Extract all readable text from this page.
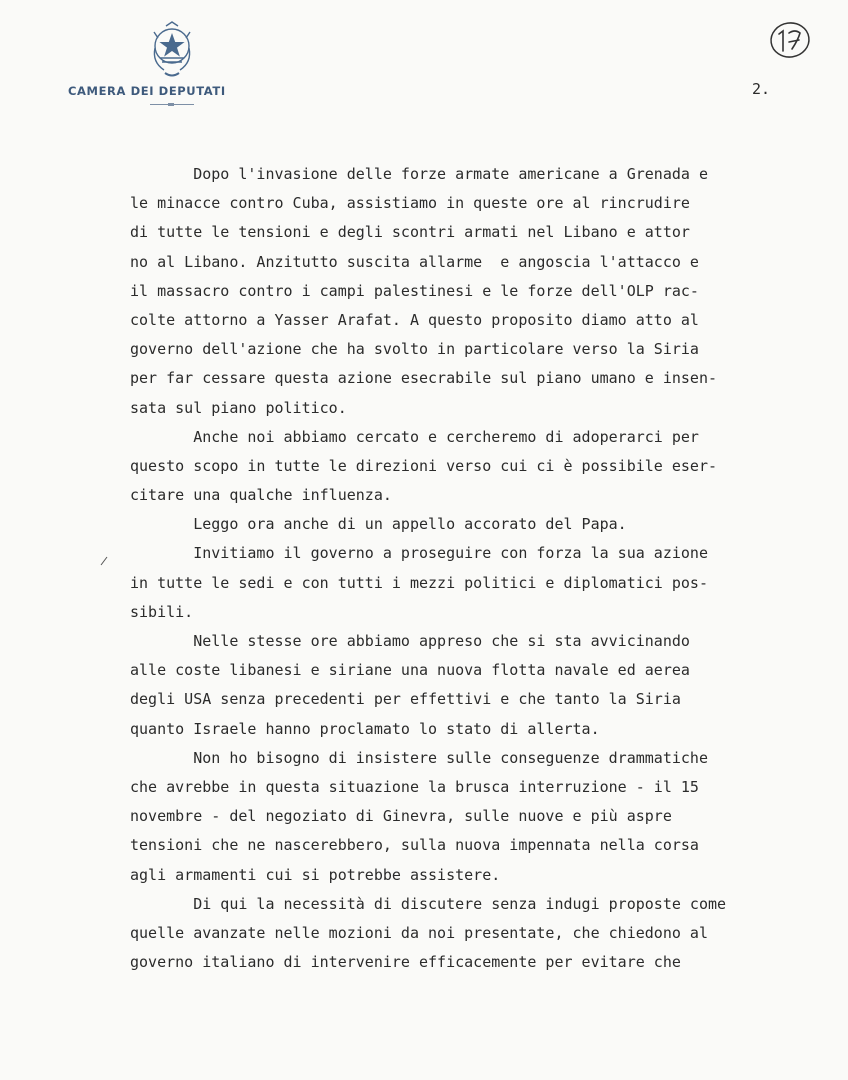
CAMERA DEI DEPUTATI	2.
Dopo l'invasione delle forze armate americane a Grenada e
le minacce contro Cuba, assistiamo in queste ore al rincrudire
di tutte le tensioni e degli scontri armati nel Libano e attor
no al Libano. Anzitutto suscita allarme  e angoscia l'attacco e
il massacro contro i campi palestinesi e le forze dell'OLP rac-
colte attorno a Yasser Arafat. A questo proposito diamo atto al
governo dell'azione che ha svolto in particolare verso la Siria
per far cessare questa azione esecrabile sul piano umano e insen-
sata sul piano politico.
Anche noi abbiamo cercato e cercheremo di adoperarci per
questo scopo in tutte le direzioni verso cui ci è possibile eser-
citare una qualche influenza.
Leggo ora anche di un appello accorato del Papa.
Invitiamo il governo a proseguire con forza la sua azione
in tutte le sedi e con tutti i mezzi politici e diplomatici pos-
sibili.
Nelle stesse ore abbiamo appreso che si sta avvicinando
alle coste libanesi e siriane una nuova flotta navale ed aerea
degli USA senza precedenti per effettivi e che tanto la Siria
quanto Israele hanno proclamato lo stato di allerta.
Non ho bisogno di insistere sulle conseguenze drammatiche
che avrebbe in questa situazione la brusca interruzione - il 15
novembre - del negoziato di Ginevra, sulle nuove e più aspre
tensioni che ne nascerebbero, sulla nuova impennata nella corsa
agli armamenti cui si potrebbe assistere.
Di qui la necessità di discutere senza indugi proposte come
quelle avanzate nelle mozioni da noi presentate, che chiedono al
governo italiano di intervenire efficacemente per evitare che
